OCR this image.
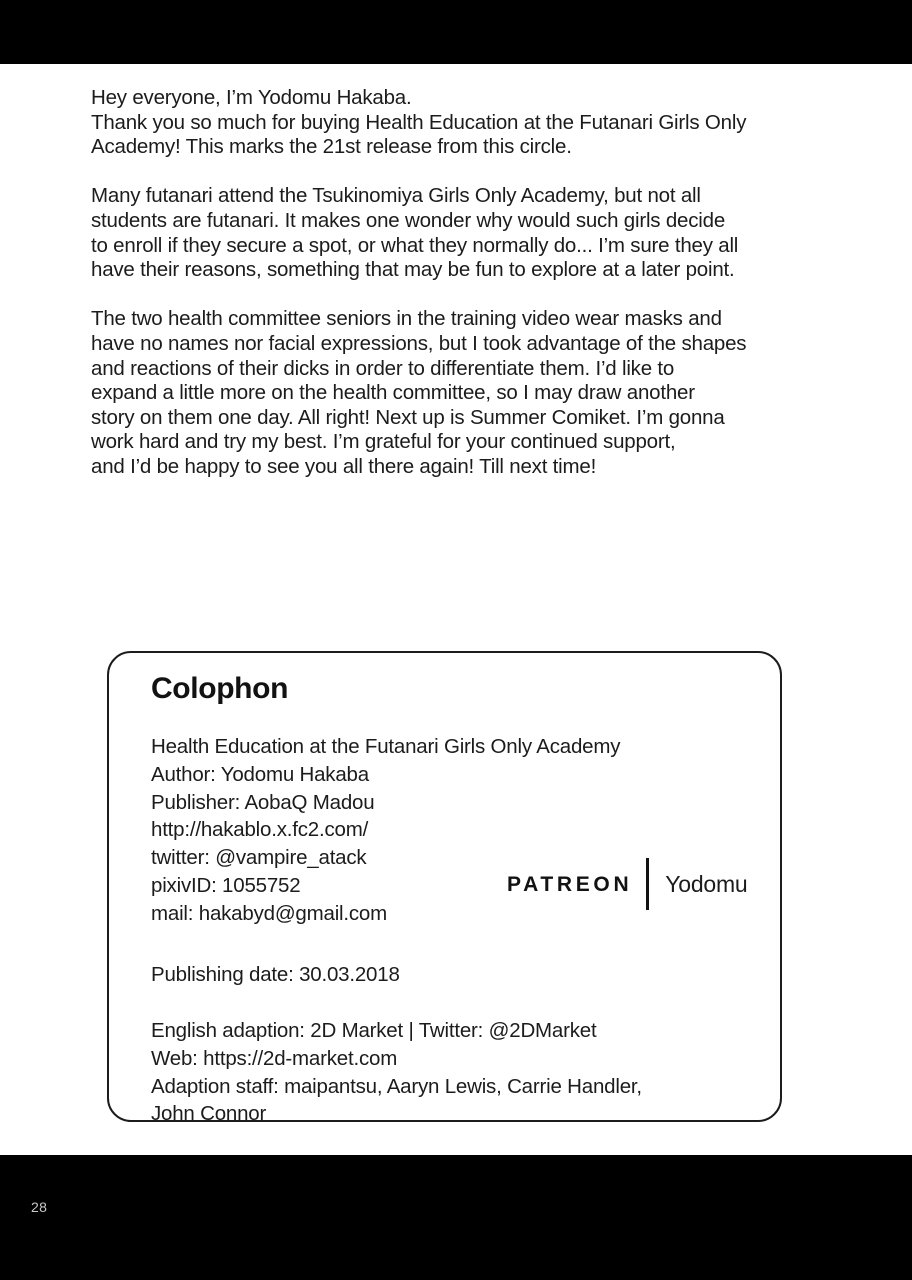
Hey everyone, I’m Yodomu Hakaba.
Thank you so much for buying Health Education at the Futanari Girls Only
Academy! This marks the 21st release from this circle.
Many futanari attend the Tsukinomiya Girls Only Academy, but not all
students are futanari. It makes one wonder why would such girls decide
to enroll if they secure a spot, or what they normally do... I’m sure they all
have their reasons, something that may be fun to explore at a later point.
The two health committee seniors in the training video wear masks and
have no names nor facial expressions, but I took advantage of the shapes
and reactions of their dicks in order to differentiate them. I’d like to
expand a little more on the health committee, so I may draw another
story on them one day. All right! Next up is Summer Comiket. I’m gonna
work hard and try my best. I’m grateful for your continued support,
and I’d be happy to see you all there again! Till next time!
Colophon
Health Education at the Futanari Girls Only Academy
Author: Yodomu Hakaba
Publisher: AobaQ Madou
http://hakablo.x.fc2.com/
twitter: @vampire_atack
pixivID: 1055752
mail: hakabyd@gmail.com
PATREON Yodomu
Publishing date: 30.03.2018
English adaption: 2D Market | Twitter: @2DMarket
Web: https://2d-market.com
Adaption staff: maipantsu, Aaryn Lewis, Carrie Handler,
John Connor
28
